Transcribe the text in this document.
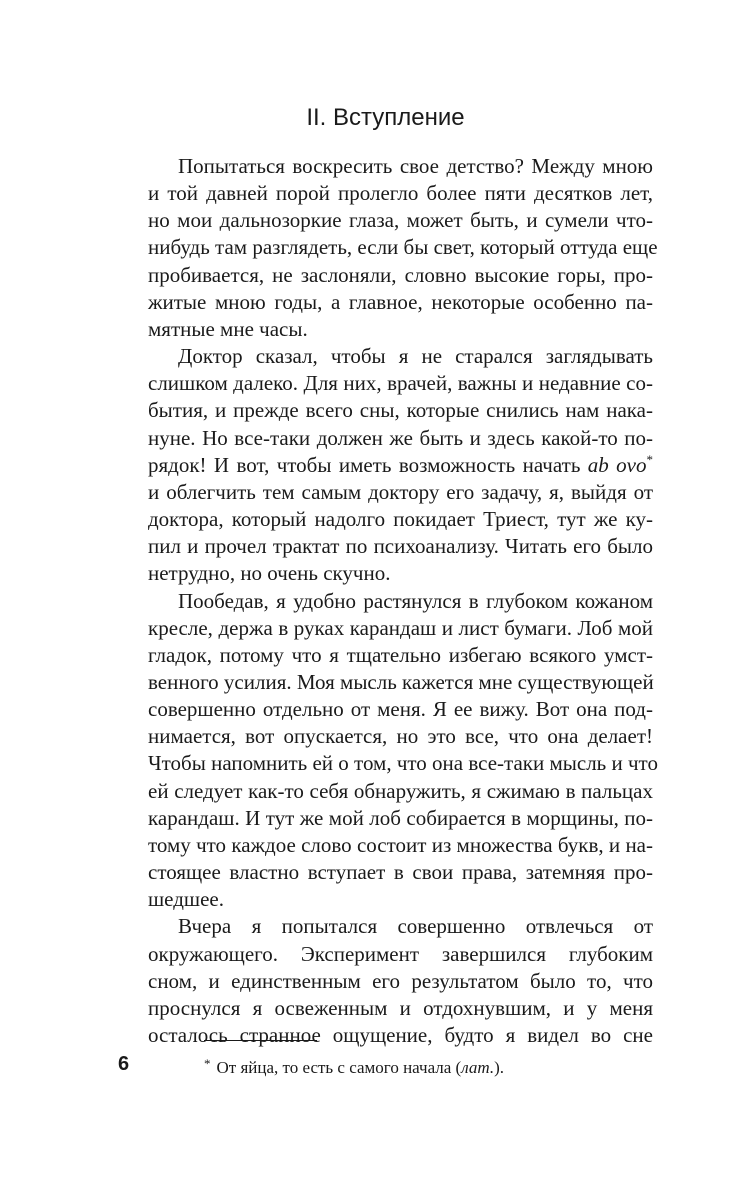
II. Вступление
Попытаться воскресить свое детство? Между мною
и той давней порой пролегло более пяти десятков лет,
но мои дальнозоркие глаза, может быть, и сумели что-
нибудь там разглядеть, если бы свет, который оттуда еще
пробивается, не заслоняли, словно высокие горы, про-
житые мною годы, а главное, некоторые особенно па-
мятные мне часы.
Доктор сказал, чтобы я не старался заглядывать
слишком далеко. Для них, врачей, важны и недавние со-
бытия, и прежде всего сны, которые снились нам нака-
нуне. Но все-таки должен же быть и здесь какой-то по-
рядок! И вот, чтобы иметь возможность начать ab ovo*
и облегчить тем самым доктору его задачу, я, выйдя от
доктора, который надолго покидает Триест, тут же ку-
пил и прочел трактат по психоанализу. Читать его было
нетрудно, но очень скучно.
Пообедав, я удобно растянулся в глубоком кожаном
кресле, держа в руках карандаш и лист бумаги. Лоб мой
гладок, потому что я тщательно избегаю всякого умст-
венного усилия. Моя мысль кажется мне существующей
совершенно отдельно от меня. Я ее вижу. Вот она под-
нимается, вот опускается, но это все, что она делает!
Чтобы напомнить ей о том, что она все-таки мысль и что
ей следует как-то себя обнаружить, я сжимаю в пальцах
карандаш. И тут же мой лоб собирается в морщины, по-
тому что каждое слово состоит из множества букв, и на-
стоящее властно вступает в свои права, затемняя про-
шедшее.
Вчера я попытался совершенно отвлечься от
окружающего. Эксперимент завершился глубоким
сном, и единственным его результатом было то, что
проснулся я освеженным и отдохнувшим, и у меня
осталось странное ощущение, будто я видел во сне
6	* От яйца, то есть с самого начала (лат.).
